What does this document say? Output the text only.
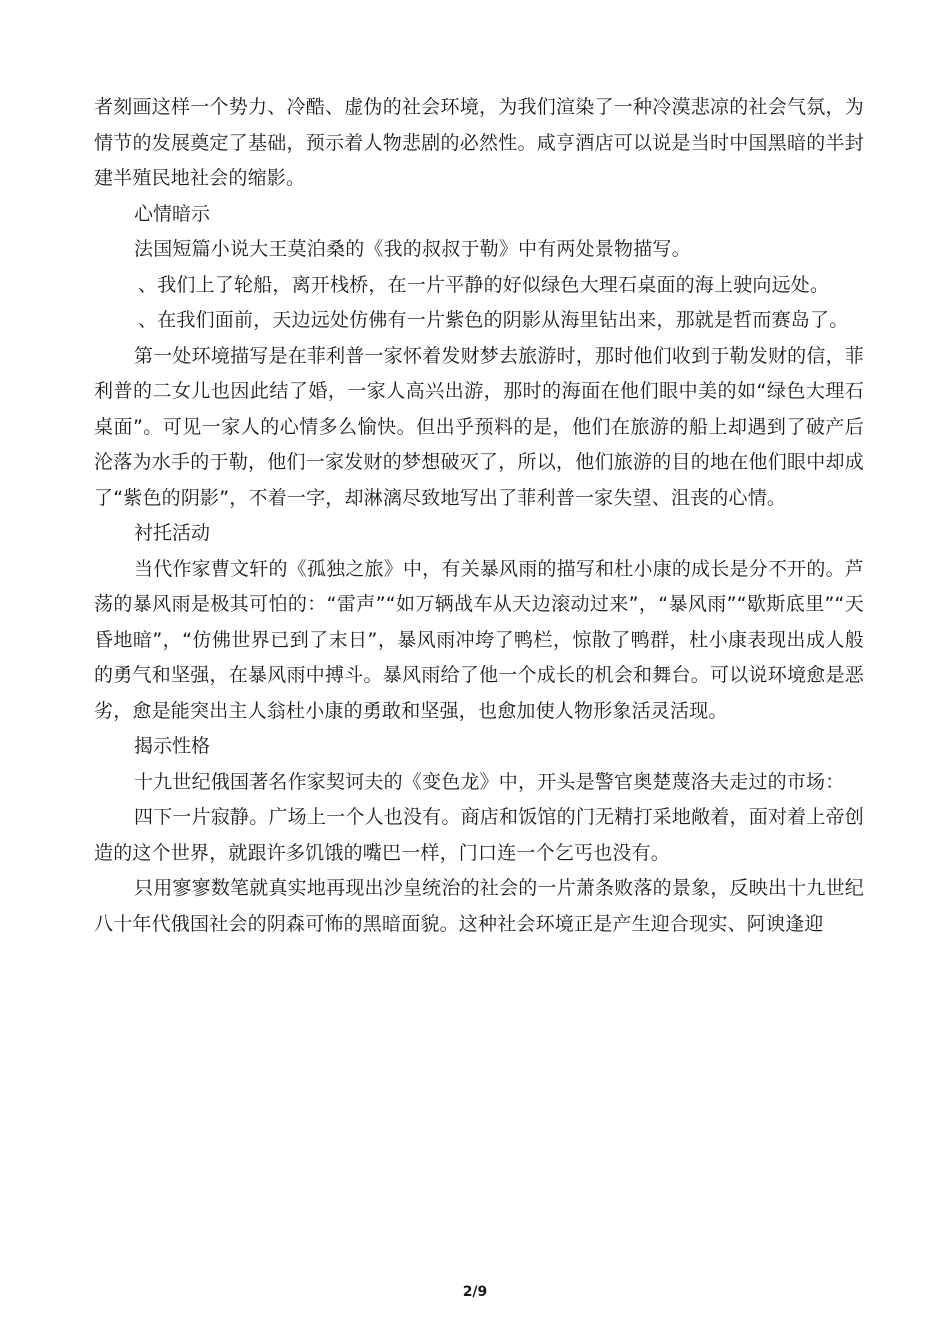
者刻画这样一个势力、冷酷、虚伪的社会环境，为我们渲染了一种冷漠悲凉的社会气氛，为情节的发展奠定了基础，预示着人物悲剧的必然性。咸亨酒店可以说是当时中国黑暗的半封建半殖民地社会的缩影。

心情暗示

法国短篇小说大王莫泊桑的《我的叔叔于勒》中有两处景物描写。

、我们上了轮船，离开栈桥，在一片平静的好似绿色大理石桌面的海上驶向远处。

、在我们面前，天边远处仿佛有一片紫色的阴影从海里钻出来，那就是哲而赛岛了。

第一处环境描写是在菲利普一家怀着发财梦去旅游时，那时他们收到于勒发财的信，菲利普的二女儿也因此结了婚，一家人高兴出游，那时的海面在他们眼中美的如“绿色大理石桌面”。可见一家人的心情多么愉快。但出乎预料的是，他们在旅游的船上却遇到了破产后沦落为水手的于勒，他们一家发财的梦想破灭了，所以，他们旅游的目的地在他们眼中却成了“紫色的阴影”，不着一字，却淋漓尽致地写出了菲利普一家失望、沮丧的心情。

衬托活动

当代作家曹文轩的《孤独之旅》中，有关暴风雨的描写和杜小康的成长是分不开的。芦荡的暴风雨是极其可怕的：“雷声”“如万辆战车从天边滚动过来”，“暴风雨”“歇斯底里”“天昏地暗”，“仿佛世界已到了末日”，暴风雨冲垮了鸭栏，惊散了鸭群，杜小康表现出成人般的勇气和坚强，在暴风雨中搏斗。暴风雨给了他一个成长的机会和舞台。可以说环境愈是恶劣，愈是能突出主人翁杜小康的勇敢和坚强，也愈加使人物形象活灵活现。

揭示性格

十九世纪俄国著名作家契诃夫的《变色龙》中，开头是警官奥楚蔑洛夫走过的市场：

四下一片寂静。广场上一个人也没有。商店和饭馆的门无精打采地敞着，面对着上帝创造的这个世界，就跟许多饥饿的嘴巴一样，门口连一个乞丐也没有。

只用寥寥数笔就真实地再现出沙皇统治的社会的一片萧条败落的景象，反映出十九世纪八十年代俄国社会的阴森可怖的黑暗面貌。这种社会环境正是产生迎合现实、阿谀逢迎

2/9
